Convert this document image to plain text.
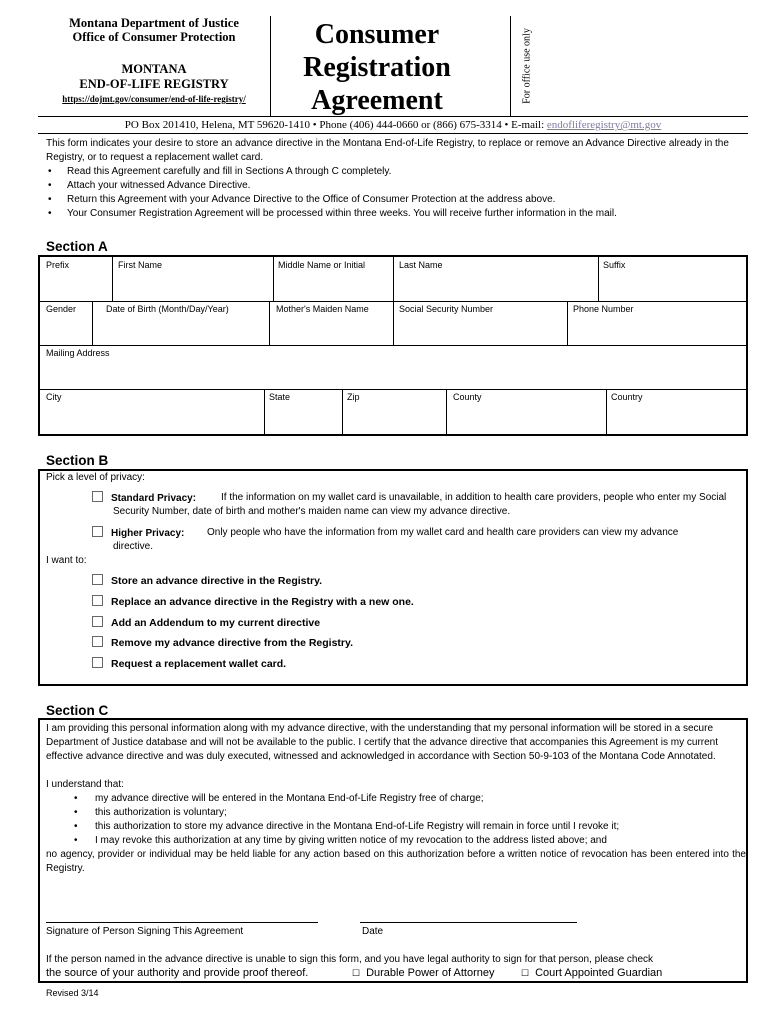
Montana Department of Justice
Office of Consumer Protection
MONTANA
END-OF-LIFE REGISTRY
https://dojmt.gov/consumer/end-of-life-registry/
Consumer
Registration
Agreement	For office use only
PO Box 201410, Helena, MT 59620-1410 • Phone (406) 444-0660 or (866) 675-3314 • E-mail: endofliferegistry@mt.gov
This form indicates your desire to store an advance directive in the Montana End-of-Life Registry, to replace or remove an Advance Directive already in the Registry, or to request a replacement wallet card.
• Read this Agreement carefully and fill in Sections A through C completely.
• Attach your witnessed Advance Directive.
• Return this Agreement with your Advance Directive to the Office of Consumer Protection at the address above.
• Your Consumer Registration Agreement will be processed within three weeks. You will receive further information in the mail.
Section A
Prefix	First Name	Middle Name or Initial	Last Name	Suffix
Gender	Date of Birth (Month/Day/Year)	Mother's Maiden Name	Social Security Number	Phone Number
Mailing Address
City	State	Zip	County	Country
Section B
Pick a level of privacy:
Standard Privacy:	If the information on my wallet card is unavailable, in addition to health care providers, people who enter my Social Security Number, date of birth and mother's maiden name can view my advance directive.
Higher Privacy:	Only people who have the information from my wallet card and health care providers can view my advance directive.
I want to:
Store an advance directive in the Registry.
Replace an advance directive in the Registry with a new one.
Add an Addendum to my current directive
Remove my advance directive from the Registry.
Request a replacement wallet card.
Section C

I am providing this personal information along with my advance directive, with the understanding that my personal information will be stored in a secure Department of Justice database and will not be available to the public. I certify that the advance directive that accompanies this Agreement is my current effective advance directive and was duly executed, witnessed and acknowledged in accordance with Section 50-9-103 of the Montana Code Annotated.

I understand that:

• my advance directive will be entered in the Montana End-of-Life Registry free of charge;
• this authorization is voluntary;
• this authorization to store my advance directive in the Montana End-of-Life Registry will remain in force until I revoke it;
• I may revoke this authorization at any time by giving written notice of my revocation to the address listed above; and

no agency, provider or individual may be held liable for any action based on this authorization before a written notice of revocation has been entered into the Registry.

Signature of Person Signing This Agreement	Date
If the person named in the advance directive is unable to sign this form, and you have legal authority to sign for that person, please check
the source of your authority and provide proof thereof.	☐ Durable Power of Attorney	☐ Court Appointed Guardian
Revised 3/14
